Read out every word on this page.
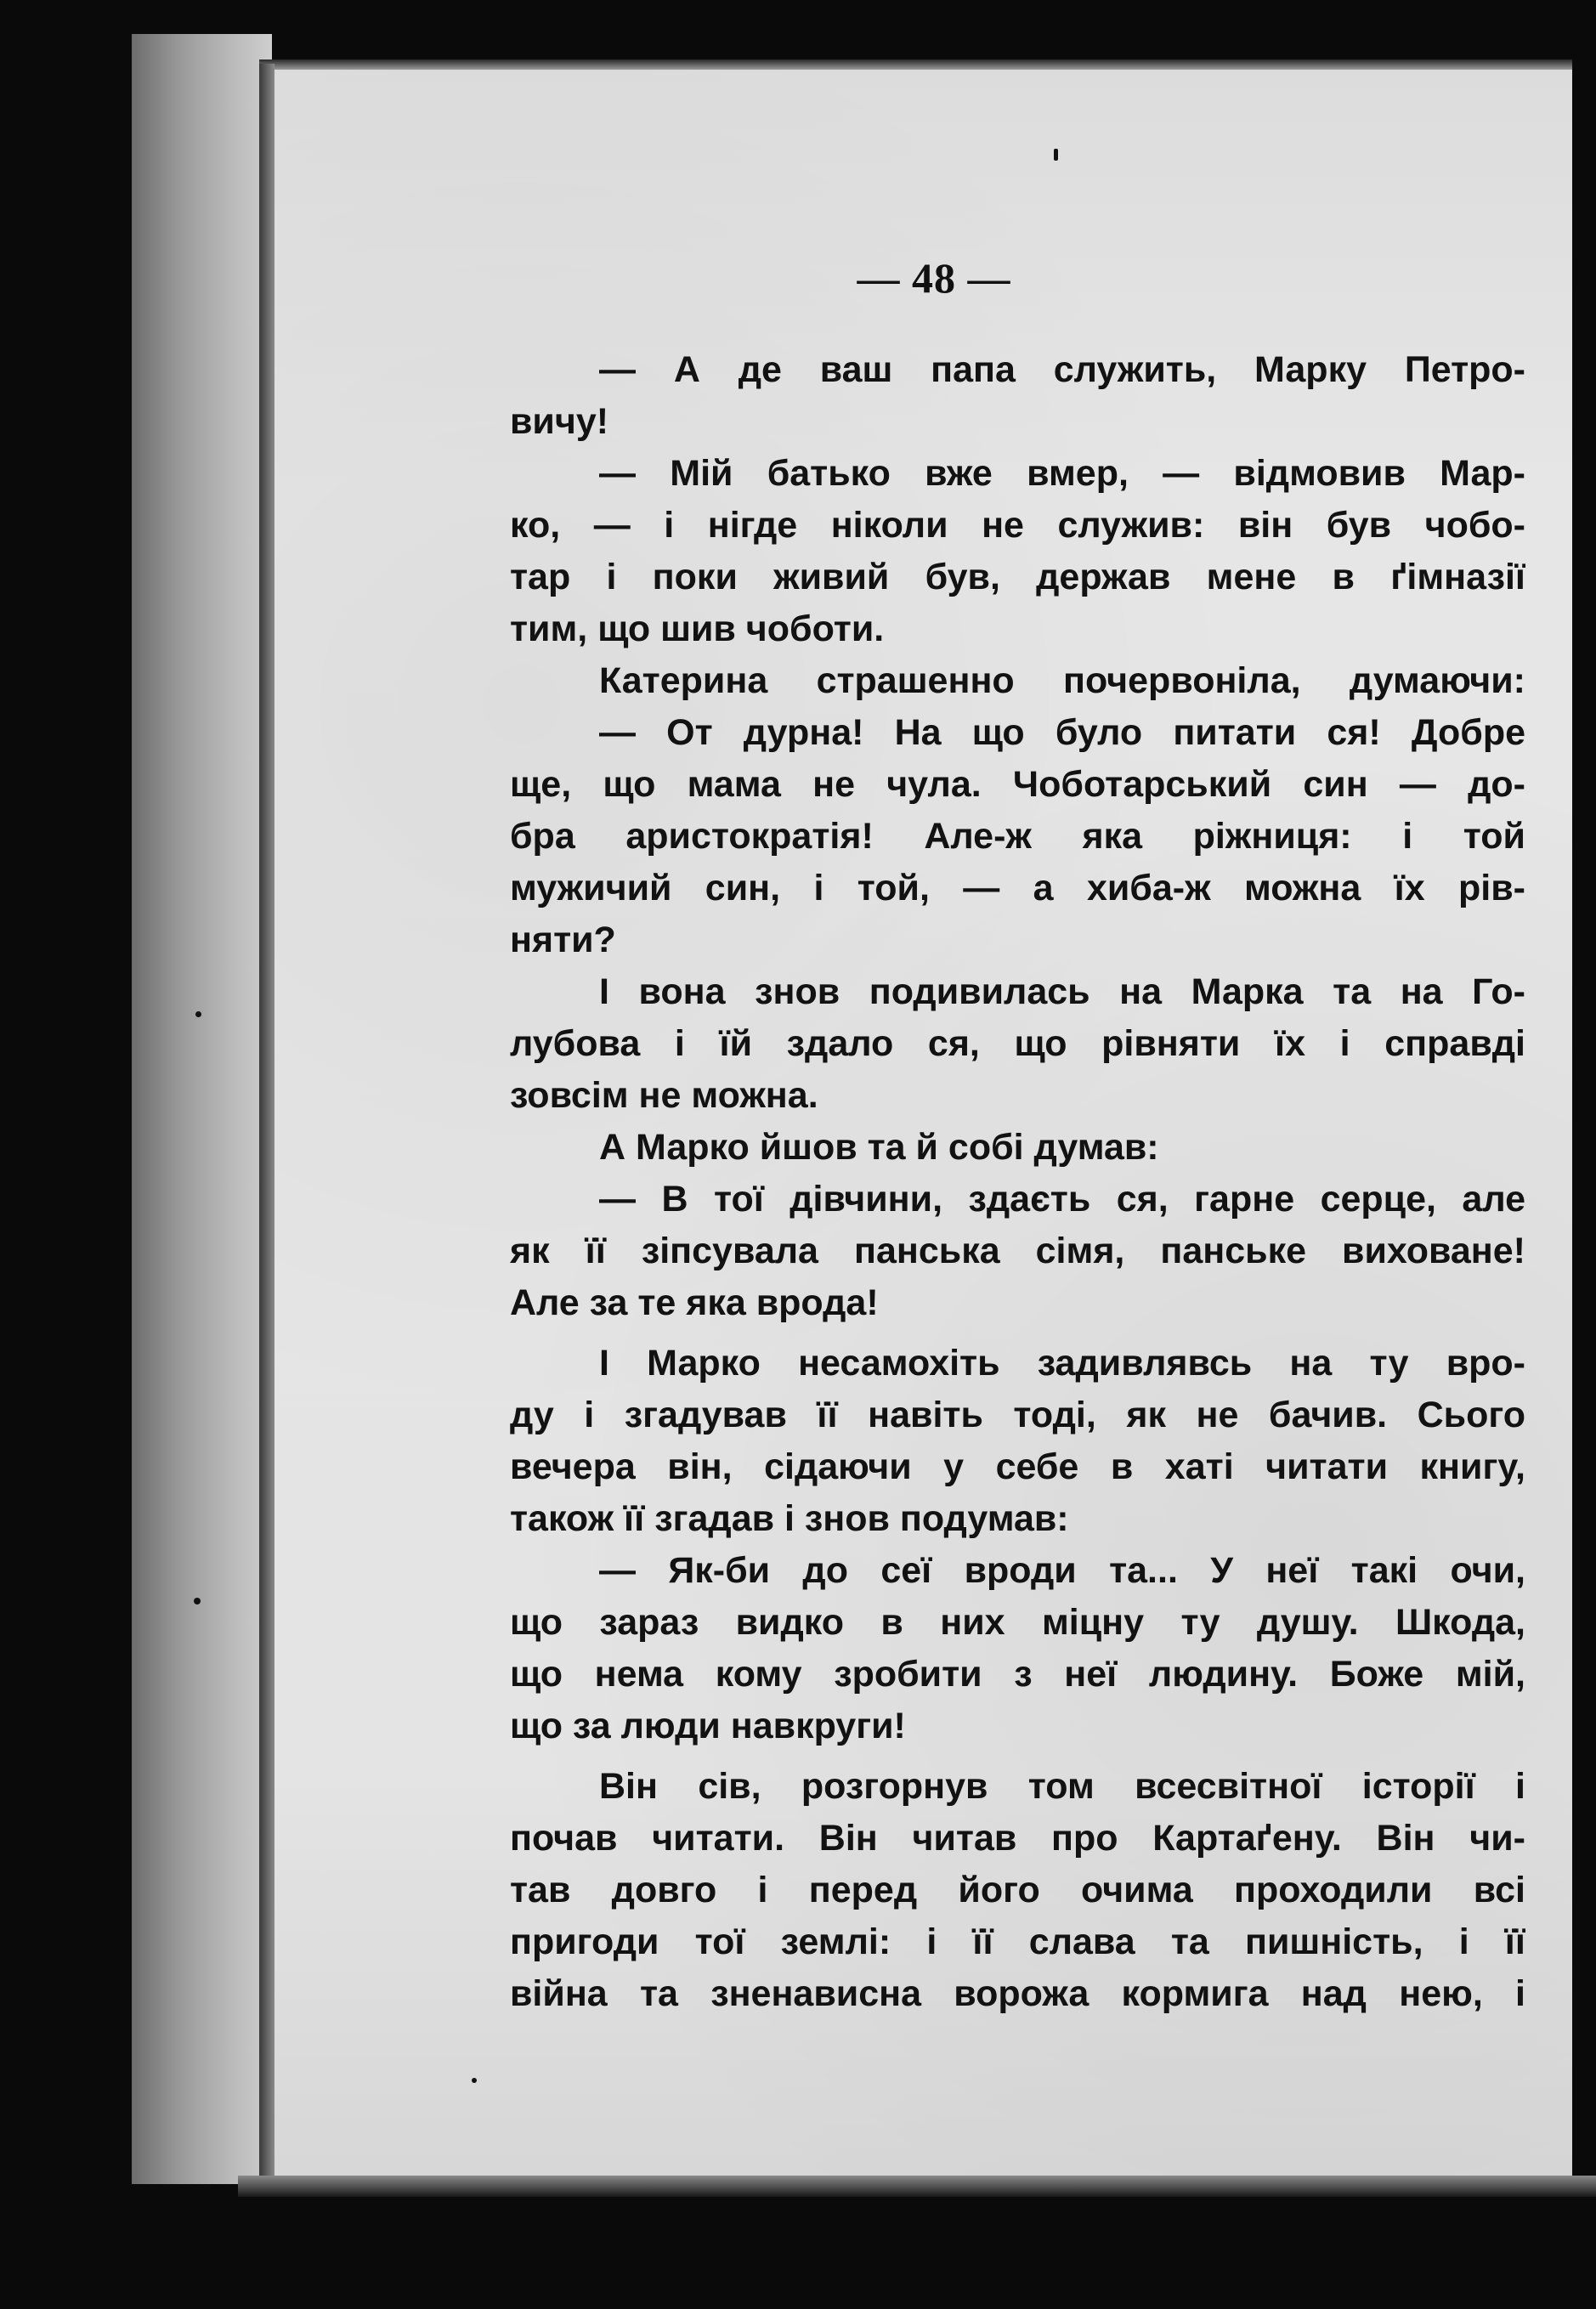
— 48 —
— А де ваш папа служить, Марку Петро-
вичу!
— Мій батько вже вмер, — відмовив Мар-
ко, — і нігде ніколи не служив: він був чобо-
тар і поки живий був, держав мене в ґімназії
тим, що шив чоботи.
Катерина страшенно почервоніла, думаючи:
— От дурна! На що було питати ся! Добре
ще, що мама не чула. Чоботарський син — до-
бра аристократія! Але-ж яка ріжниця: і той
мужичий син, і той, — а хиба-ж можна їх рів-
няти?
І вона знов подивилась на Марка та на Го-
лубова і їй здало ся, що рівняти їх і справді
зовсім не можна.
А Марко йшов та й собі думав:
— В тої дівчини, здаєть ся, гарне серце, але
як її зіпсувала панська сімя, панське виховане!
Але за те яка врода!
І Марко несамохіть задивлявсь на ту вро-
ду і згадував її навіть тоді, як не бачив. Сього
вечера він, сідаючи у себе в хаті читати книгу,
також її згадав і знов подумав:
— Як-би до сеї вроди та... У неї такі очи,
що зараз видко в них міцну ту душу. Шкода,
що нема кому зробити з неї людину. Боже мій,
що за люди навкруги!
Він сів, розгорнув том всесвітної історії і
почав читати. Він читав про Картаґену. Він чи-
тав довго і перед його очима проходили всі
пригоди тої землі: і її слава та пишність, і її
війна та зненависна ворожа кормига над нею, і
